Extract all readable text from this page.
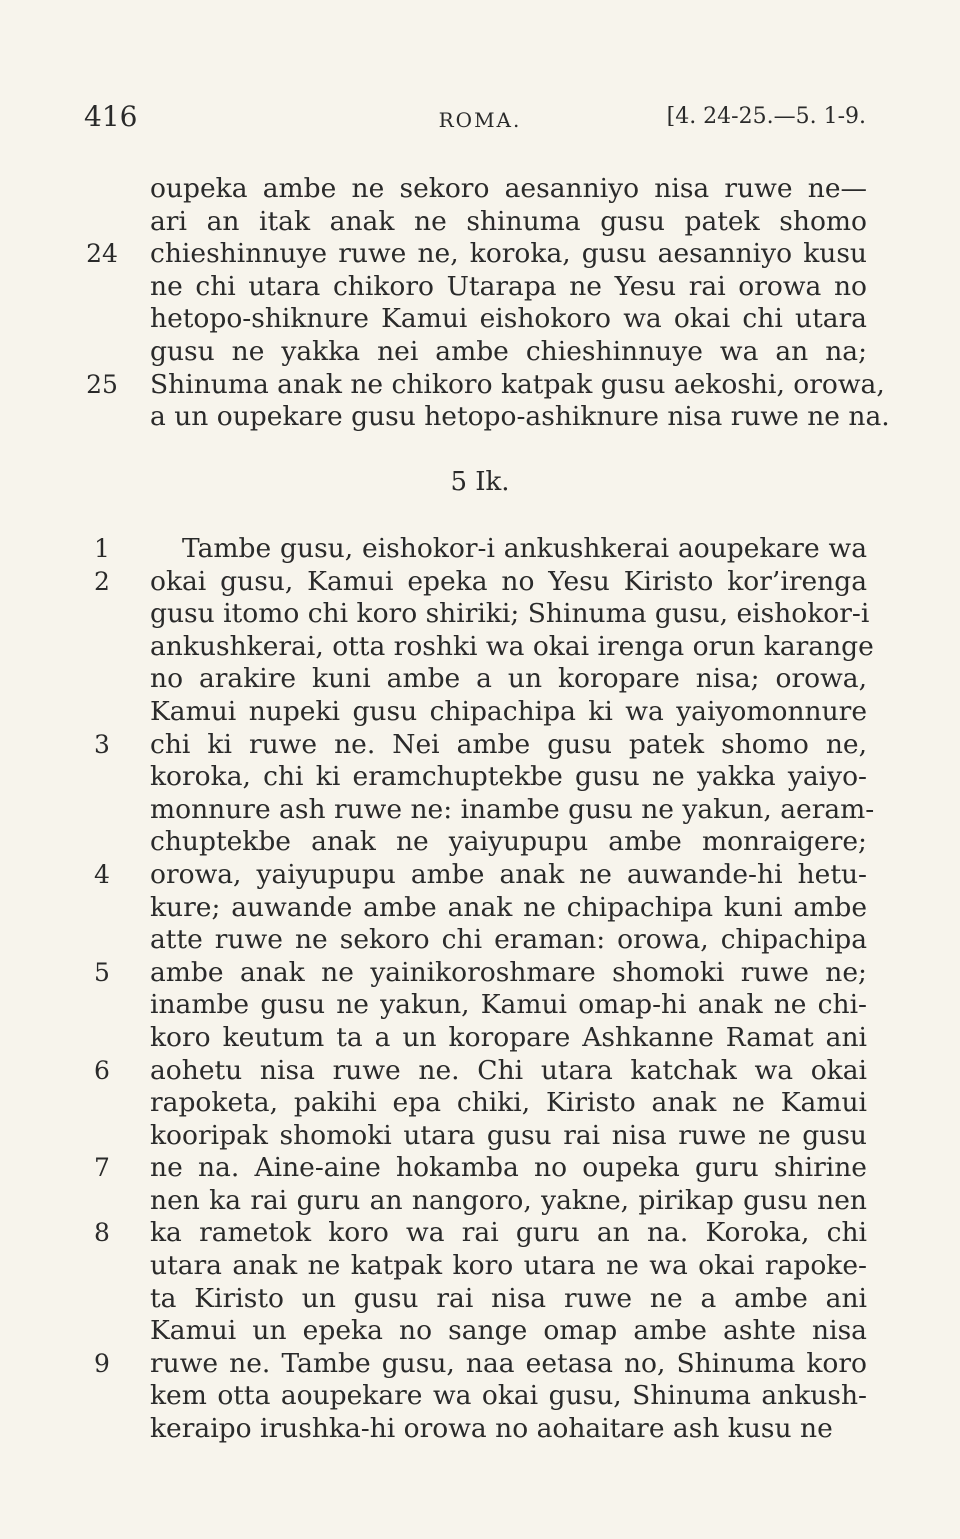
416	ROMA.	[4. 24-25.—5. 1-9.
oupeka ambe ne sekoro aesanniyo nisa ruwe ne—
ari an itak anak ne shinuma gusu patek shomo
24 chieshinnuye ruwe ne, koroka, gusu aesanniyo kusu
ne chi utara chikoro Utarapa ne Yesu rai orowa no
hetopo-shiknure Kamui eishokoro wa okai chi utara
gusu ne yakka nei ambe chieshinnuye wa an na;
25 Shinuma anak ne chikoro katpak gusu aekoshi, orowa,
a un oupekare gusu hetopo-ashiknure nisa ruwe ne na.
5 Ik.
1	Tambe gusu, eishokor-i ankushkerai aoupekare wa
2	okai gusu, Kamui epeka no Yesu Kiristo kor’irenga
gusu itomo chi koro shiriki; Shinuma gusu, eishokor-i
ankushkerai, otta roshki wa okai irenga orun karange
no arakire kuni ambe a un koropare nisa; orowa,
Kamui nupeki gusu chipachipa ki wa yaiyomonnure
3	chi ki ruwe ne. Nei ambe gusu patek shomo ne,
koroka, chi ki eramchuptekbe gusu ne yakka yaiyo-
monnure ash ruwe ne: inambe gusu ne yakun, aeram-
chuptekbe anak ne yaiyupupu ambe monraigere;
4	orowa, yaiyupupu ambe anak ne auwande-hi hetu-
kure; auwande ambe anak ne chipachipa kuni ambe
atte ruwe ne sekoro chi eraman: orowa, chipachipa
5	ambe anak ne yainikoroshmare shomoki ruwe ne;
inambe gusu ne yakun, Kamui omap-hi anak ne chi-
koro keutum ta a un koropare Ashkanne Ramat ani
6	aohetu nisa ruwe ne. Chi utara katchak wa okai
rapoketa, pakihi epa chiki, Kiristo anak ne Kamui
kooripak shomoki utara gusu rai nisa ruwe ne gusu
7	ne na. Aine-aine hokamba no oupeka guru shirine
nen ka rai guru an nangoro, yakne, pirikap gusu nen
8	ka rametok koro wa rai guru an na. Koroka, chi
utara anak ne katpak koro utara ne wa okai rapoke-
ta Kiristo un gusu rai nisa ruwe ne a ambe ani
Kamui un epeka no sange omap ambe ashte nisa
9	ruwe ne. Tambe gusu, naa eetasa no, Shinuma koro
kem otta aoupekare wa okai gusu, Shinuma ankush-
keraipo irushka-hi orowa no aohaitare ash kusu ne
